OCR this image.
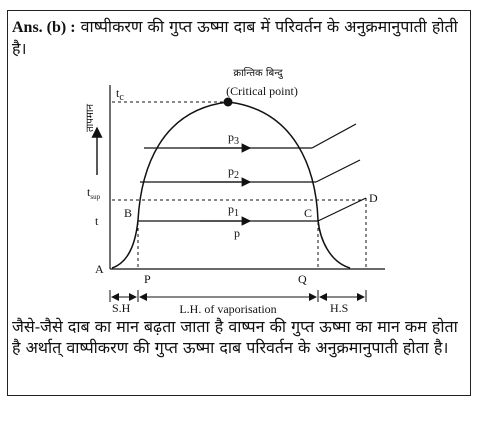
Ans. (b) : वाष्पीकरण की गुप्त ऊष्मा दाब में परिवर्तन के अनुक्रमानुपाती होती है।
क्रान्तिक बिन्दु
(Critical point)
तापमान
$t_c$
$t_{sup}$
t
A
B	C
D
P	Q
$p_3$
$p_2$
$p_1$
p
S.H	L.H. of vaporisation	H.S
जैसे-जैसे दाब का मान बढ़ता जाता है वाष्पन की गुप्त ऊष्मा का मान कम होता है अर्थात् वाष्पीकरण की गुप्त ऊष्मा दाब परिवर्तन के अनुक्रमानुपाती होता है।
